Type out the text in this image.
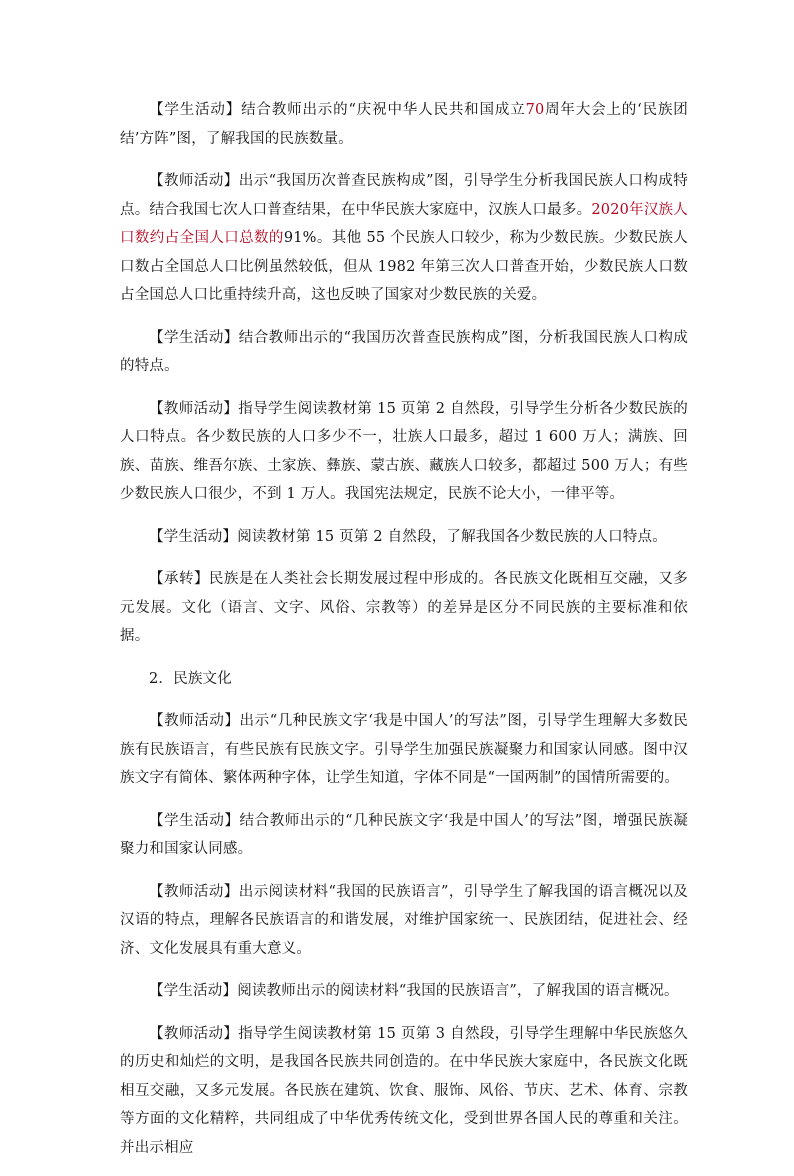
【学生活动】结合教师出示的“庆祝中华人民共和国成立70周年大会上的‘民族团结’方阵”图，了解我国的民族数量。

【教师活动】出示“我国历次普查民族构成”图，引导学生分析我国民族人口构成特点。结合我国七次人口普查结果，在中华民族大家庭中，汉族人口最多。2020年汉族人口数约占全国人口总数的91%。其他 55 个民族人口较少，称为少数民族。少数民族人口数占全国总人口比例虽然较低，但从 1982 年第三次人口普查开始，少数民族人口数占全国总人口比重持续升高，这也反映了国家对少数民族的关爱。

【学生活动】结合教师出示的“我国历次普查民族构成”图，分析我国民族人口构成的特点。

【教师活动】指导学生阅读教材第 15 页第 2 自然段，引导学生分析各少数民族的人口特点。各少数民族的人口多少不一，壮族人口最多，超过 1 600 万人；满族、回族、苗族、维吾尔族、土家族、彝族、蒙古族、藏族人口较多，都超过 500 万人；有些少数民族人口很少，不到 1 万人。我国宪法规定，民族不论大小，一律平等。

【学生活动】阅读教材第 15 页第 2 自然段，了解我国各少数民族的人口特点。

【承转】民族是在人类社会长期发展过程中形成的。各民族文化既相互交融，又多元发展。文化（语言、文字、风俗、宗教等）的差异是区分不同民族的主要标准和依据。

2．民族文化

【教师活动】出示“几种民族文字‘我是中国人’的写法”图，引导学生理解大多数民族有民族语言，有些民族有民族文字。引导学生加强民族凝聚力和国家认同感。图中汉族文字有简体、繁体两种字体，让学生知道，字体不同是“一国两制”的国情所需要的。

【学生活动】结合教师出示的“几种民族文字‘我是中国人’的写法”图，增强民族凝聚力和国家认同感。

【教师活动】出示阅读材料“我国的民族语言”，引导学生了解我国的语言概况以及汉语的特点，理解各民族语言的和谐发展，对维护国家统一、民族团结，促进社会、经济、文化发展具有重大意义。

【学生活动】阅读教师出示的阅读材料“我国的民族语言”，了解我国的语言概况。

【教师活动】指导学生阅读教材第 15 页第 3 自然段，引导学生理解中华民族悠久的历史和灿烂的文明，是我国各民族共同创造的。在中华民族大家庭中，各民族文化既相互交融，又多元发展。各民族在建筑、饮食、服饰、风俗、节庆、艺术、体育、宗教等方面的文化精粹，共同组成了中华优秀传统文化，受到世界各国人民的尊重和关注。并出示相应
